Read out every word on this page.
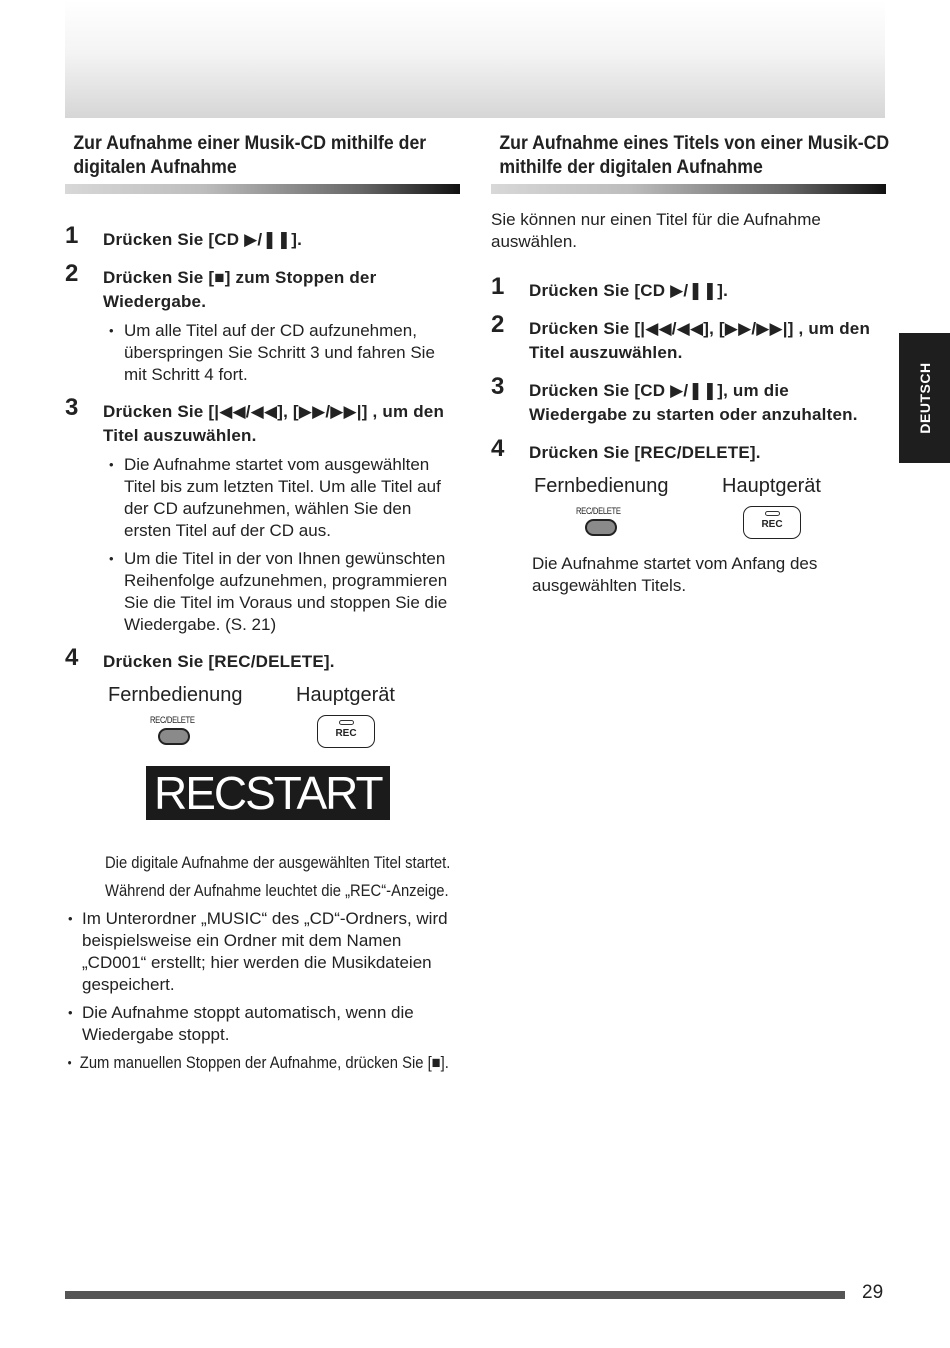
Zur Aufnahme einer Musik-CD mithilfe der digitalen Aufnahme
1 Drücken Sie [CD ▶/❚❚].
2 Drücken Sie [■] zum Stoppen der Wiedergabe.
• Um alle Titel auf der CD aufzunehmen, überspringen Sie Schritt 3 und fahren Sie mit Schritt 4 fort.
3 Drücken Sie [|◀◀/◀◀], [▶▶/▶▶|] , um den Titel auszuwählen.
• Die Aufnahme startet vom ausgewählten Titel bis zum letzten Titel. Um alle Titel auf der CD aufzunehmen, wählen Sie den ersten Titel auf der CD aus.
• Um die Titel in der von Ihnen gewünschten Reihenfolge aufzunehmen, programmieren Sie die Titel im Voraus und stoppen Sie die Wiedergabe. (S. 21)
4 Drücken Sie [REC/DELETE].
Fernbedienung	Hauptgerät
REC/DELETE
REC
RECSTART
Die digitale Aufnahme der ausgewählten Titel startet.
Während der Aufnahme leuchtet die „REC“-Anzeige.
• Im Unterordner „MUSIC“ des „CD“-Ordners, wird beispielsweise ein Ordner mit dem Namen „CD001“ erstellt; hier werden die Musikdateien gespeichert.
• Die Aufnahme stoppt automatisch, wenn die Wiedergabe stoppt.
• Zum manuellen Stoppen der Aufnahme, drücken Sie [■].
Zur Aufnahme eines Titels von einer Musik-CD mithilfe der digitalen Aufnahme
Sie können nur einen Titel für die Aufnahme auswählen.
1 Drücken Sie [CD ▶/❚❚].
2 Drücken Sie [|◀◀/◀◀], [▶▶/▶▶|] , um den Titel auszuwählen.
3 Drücken Sie [CD ▶/❚❚], um die Wiedergabe zu starten oder anzuhalten.
4 Drücken Sie [REC/DELETE].
Fernbedienung	Hauptgerät
REC/DELETE
REC
Die Aufnahme startet vom Anfang des ausgewählten Titels.
DEUTSCH
29
